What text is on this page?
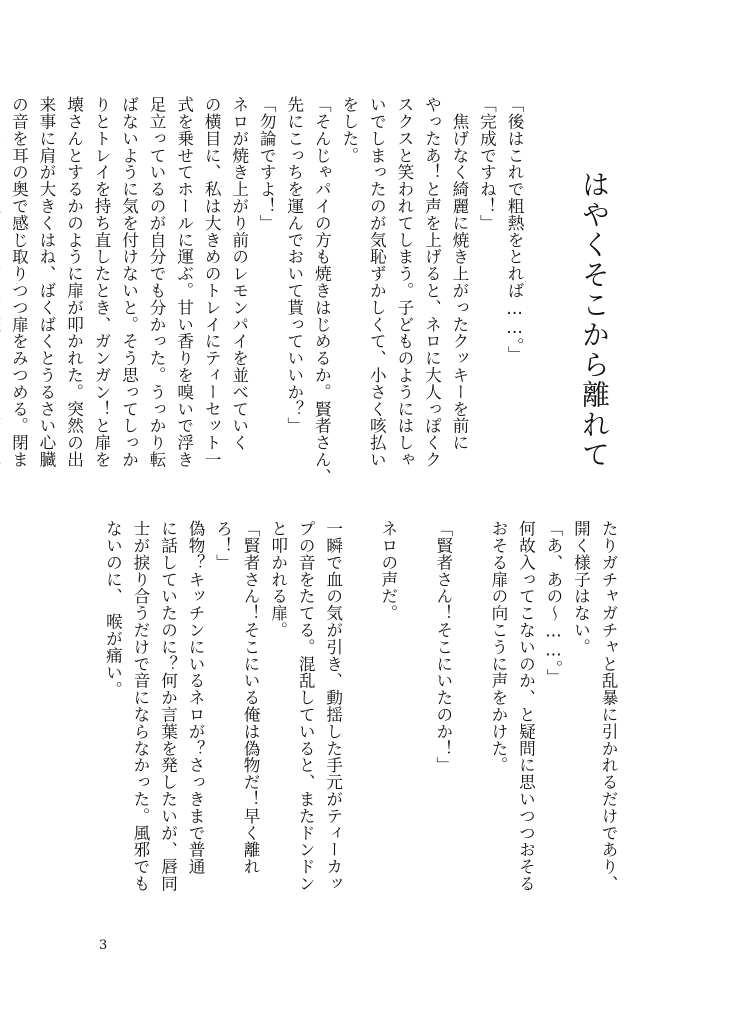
はやくそこから離れて
「後はこれで粗熱をとれば……。」
「完成ですね！」
　焦げなく綺麗に焼き上がったクッキーを前に
やったあ！と声を上げると、ネロに大人っぽくク
スクスと笑われてしまう。子どものようにはしゃ
いでしまったのが気恥ずかしくて、小さく咳払い
をした。
「そんじゃパイの方も焼きはじめるか。賢者さん、
先にこっちを運んでおいて貰っていいか？」
「勿論ですよ！」
ネロが焼き上がり前のレモンパイを並べていく
の横目に、私は大きめのトレイにティーセット一
式を乗せてホールに運ぶ。甘い香りを嗅いで浮き
足立っているのが自分でも分かった。うっかり転
ばないように気を付けないと。そう思ってしっか
りとトレイを持ち直したとき、ガンガン！と扉を
壊さんとするかのように扉が叩かれた。突然の出
来事に肩が大きくはね、ばくばくとうるさい心臓
の音を耳の奥で感じ取りつつ扉をみつめる。閉ま

たりガチャガチャと乱暴に引かれるだけであり、
開く様子はない。
「あ、あの～……。」
何故入ってこないのか、と疑問に思いつつおそる
おそる扉の向こうに声をかけた。

「賢者さん！そこにいたのか！」

ネロの声だ。

一瞬で血の気が引き、動揺した手元がティーカッ
プの音をたてる。混乱していると、またドンドン
と叩かれる扉。
「賢者さん！そこにいる俺は偽物だ！早く離れ
ろ！」
偽物？キッチンにいるネロが？さっきまで普通
に話していたのに？何か言葉を発したいが、唇同
士が捩り合うだけで音にならなかった。風邪でも
ないのに、　喉が痛い。
3
